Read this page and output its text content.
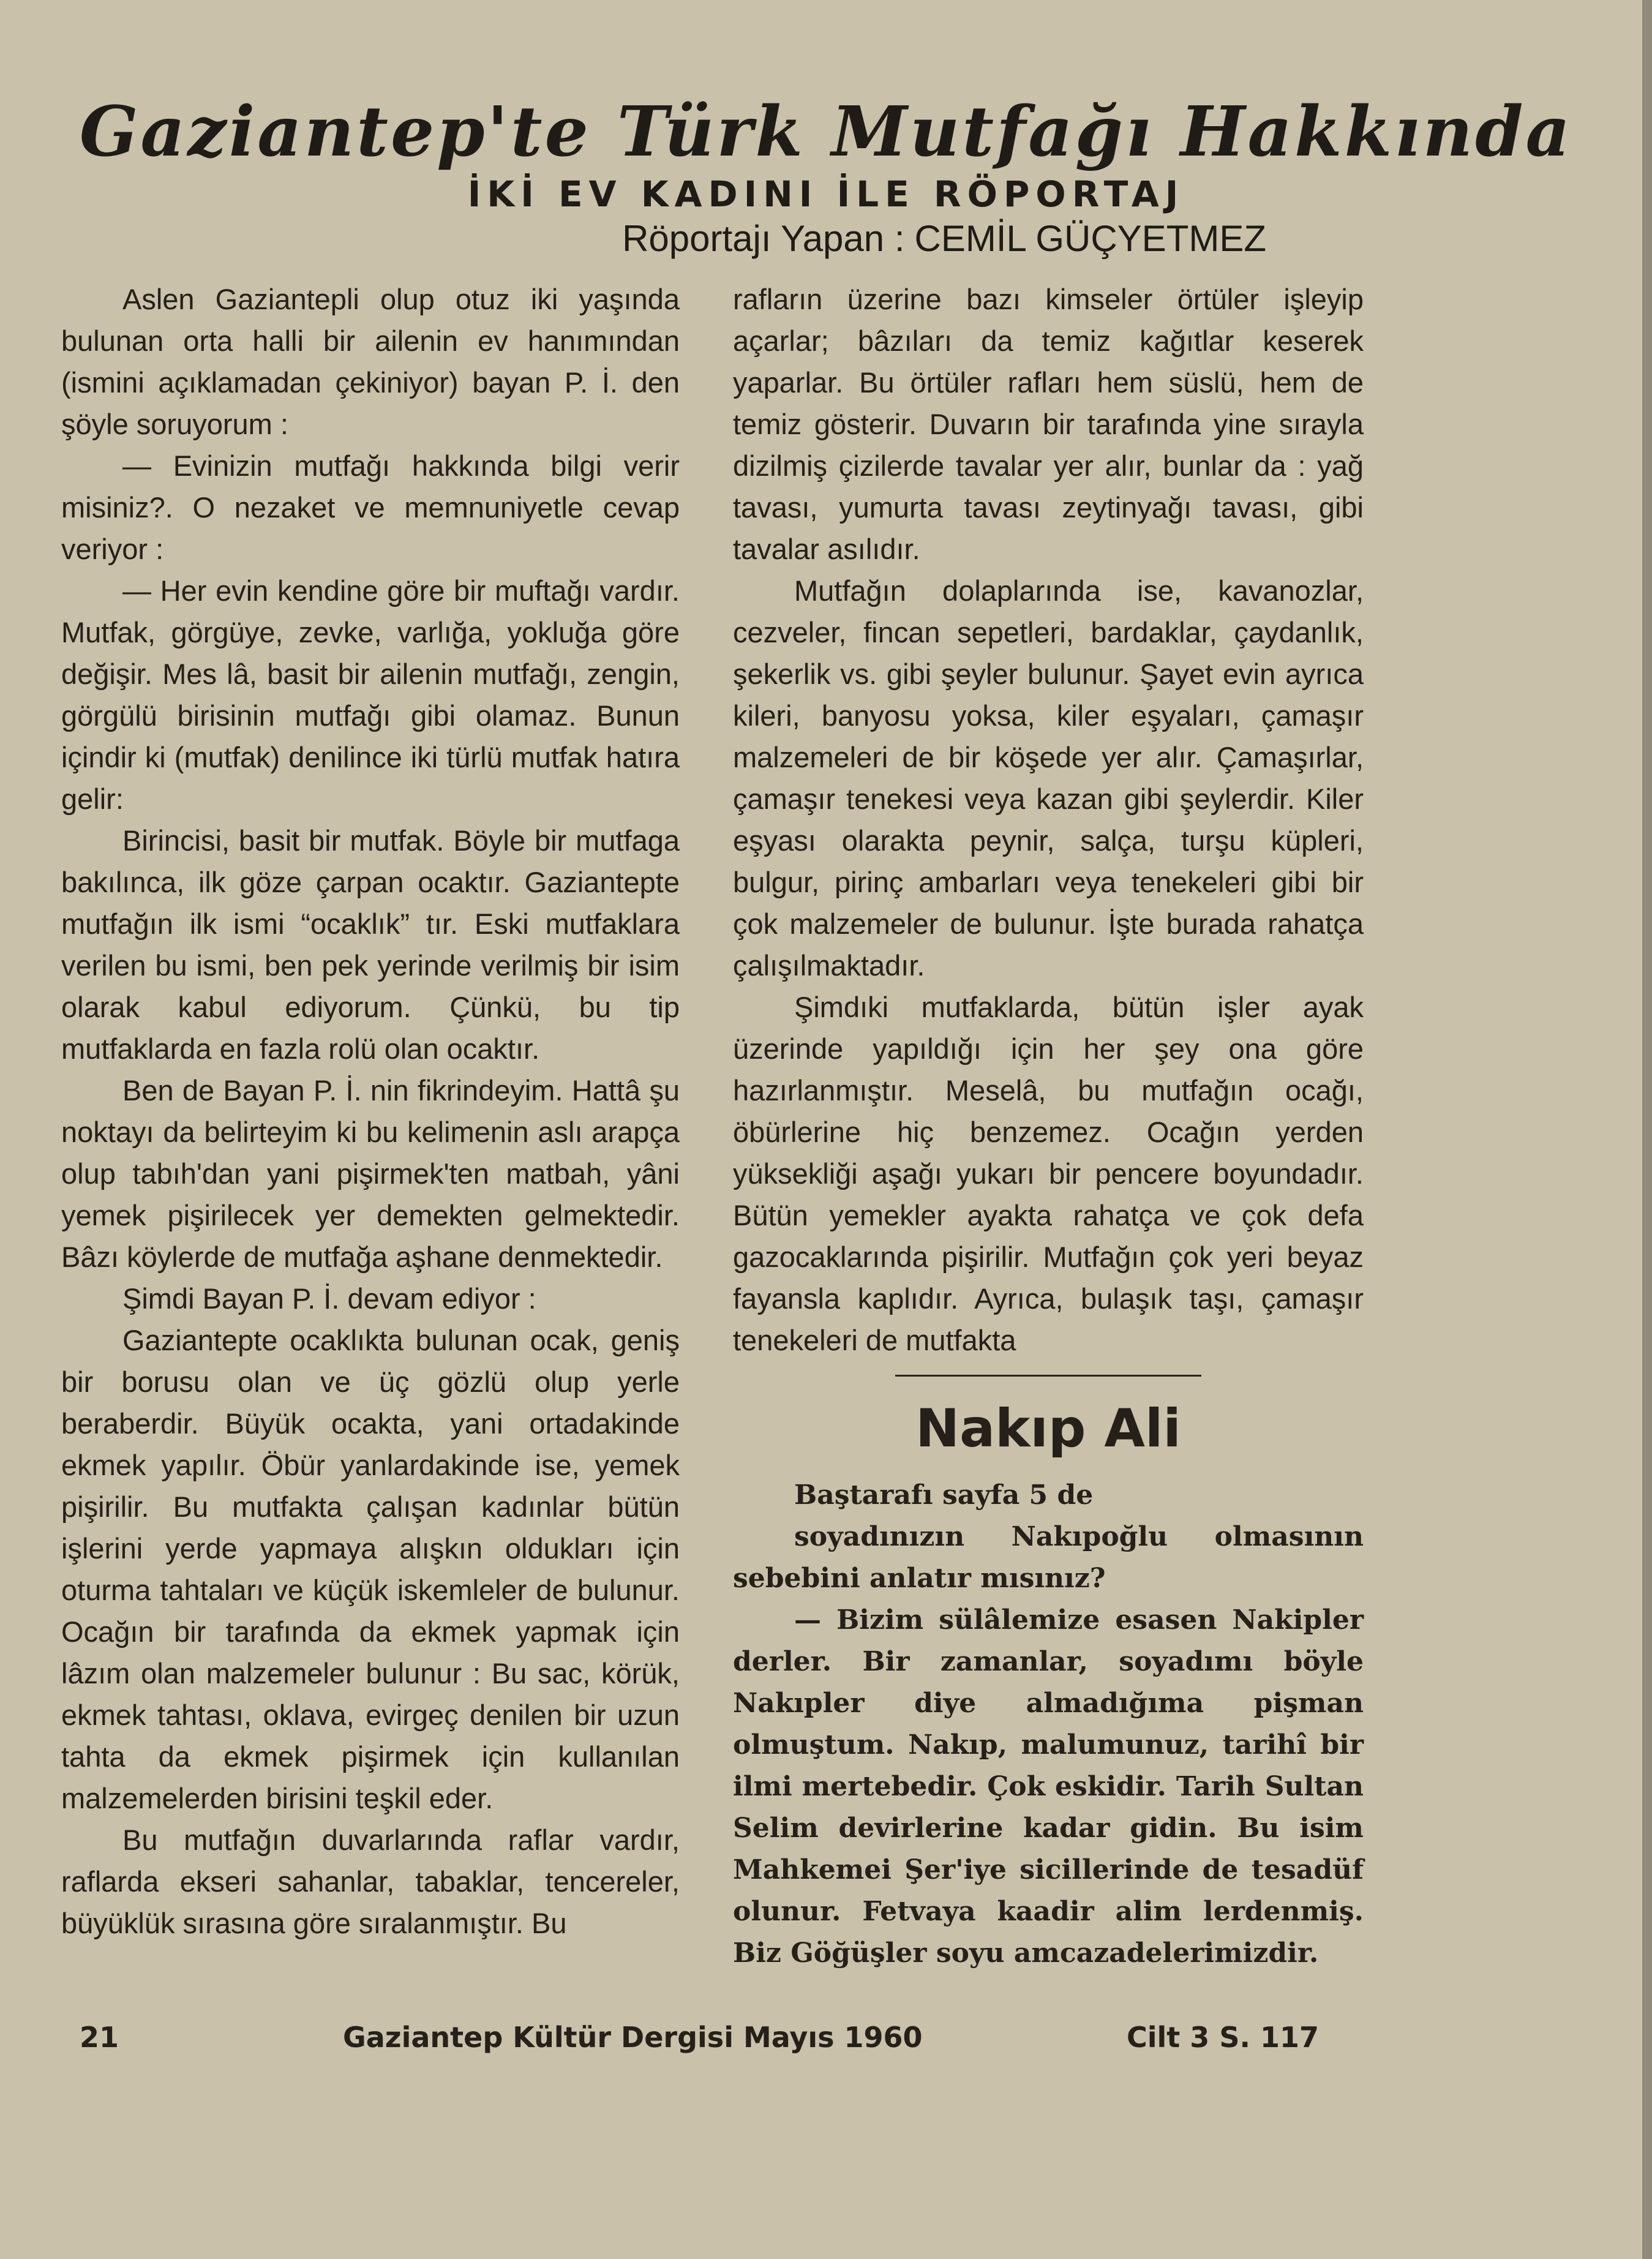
Gaziantep'te Türk Mutfağı Hakkında
İKİ EV KADINI İLE RÖPORTAJ
Röportajı Yapan : CEMİL GÜÇYETMEZ

Aslen Gaziantepli olup otuz iki yaşında bulunan orta halli bir ailenin ev hanımından (ismini açıklamadan çekiniyor) bayan P. İ. den şöyle soruyorum :

— Evinizin mutfağı hakkında bilgi verir misiniz?. O nezaket ve memnuniyetle cevap veriyor :

— Her evin kendine göre bir muftağı vardır. Mutfak, görgüye, zevke, varlığa, yokluğa göre değişir. Mes lâ, basit bir ailenin mutfağı, zengin, görgülü birisinin mutfağı gibi olamaz. Bunun içindir ki (mutfak) denilince iki türlü mutfak hatıra gelir:

Birincisi, basit bir mutfak. Böyle bir mutfaga bakılınca, ilk göze çarpan ocaktır. Gaziantepte mutfağın ilk ismi “ocaklık” tır. Eski mutfaklara verilen bu ismi, ben pek yerinde verilmiş bir isim olarak kabul ediyorum. Çünkü, bu tip mutfaklarda en fazla rolü olan ocaktır.

Ben de Bayan P. İ. nin fikrindeyim. Hattâ şu noktayı da belirteyim ki bu kelimenin aslı arapça olup tabıh'dan yani pişirmek'ten matbah, yâni yemek pişirilecek yer demekten gelmektedir. Bâzı köylerde de mutfağa aşhane denmektedir.

Şimdi Bayan P. İ. devam ediyor :

Gaziantepte ocaklıkta bulunan ocak, geniş bir borusu olan ve üç gözlü olup yerle beraberdir. Büyük ocakta, yani ortadakinde ekmek yapılır. Öbür yanlardakinde ise, yemek pişirilir. Bu mutfakta çalışan kadınlar bütün işlerini yerde yapmaya alışkın oldukları için oturma tahtaları ve küçük iskemleler de bulunur. Ocağın bir tarafında da ekmek yapmak için lâzım olan malzemeler bulunur : Bu sac, körük, ekmek tahtası, oklava, evirgeç denilen bir uzun tahta da ekmek pişirmek için kullanılan malzemelerden birisini teşkil eder.

Bu mutfağın duvarlarında raflar vardır, raflarda ekseri sahanlar, tabaklar, tencereler, büyüklük sırasına göre sıralanmıştır. Bu

rafların üzerine bazı kimseler örtüler işleyip açarlar; bâzıları da temiz kağıtlar keserek yaparlar. Bu örtüler rafları hem süslü, hem de temiz gösterir. Duvarın bir tarafında yine sırayla dizilmiş çizilerde tavalar yer alır, bunlar da : yağ tavası, yumurta tavası zeytinyağı tavası, gibi tavalar asılıdır.

Mutfağın dolaplarında ise, kavanozlar, cezveler, fincan sepetleri, bardaklar, çaydanlık, şekerlik vs. gibi şeyler bulunur. Şayet evin ayrıca kileri, banyosu yoksa, kiler eşyaları, çamaşır malzemeleri de bir köşede yer alır. Çamaşırlar, çamaşır tenekesi veya kazan gibi şeylerdir. Kiler eşyası olarakta peynir, salça, turşu küpleri, bulgur, pirinç ambarları veya tenekeleri gibi bir çok malzemeler de bulunur. İşte burada rahatça çalışılmaktadır.

Şimdıki mutfaklarda, bütün işler ayak üzerinde yapıldığı için her şey ona göre hazırlanmıştır. Meselâ, bu mutfağın ocağı, öbürlerine hiç benzemez. Ocağın yerden yüksekliği aşağı yukarı bir pencere boyundadır. Bütün yemekler ayakta rahatça ve çok defa gazocaklarında pişirilir. Mutfağın çok yeri beyaz fayansla kaplıdır. Ayrıca, bulaşık taşı, çamaşır tenekeleri de mutfakta

Nakıp Ali

Baştarafı sayfa 5 de

soyadınızın Nakıpoğlu olmasının sebebini anlatır mısınız?

— Bizim sülâlemize esasen Nakipler derler. Bir zamanlar, soyadımı böyle Nakıpler diye almadığıma pişman olmuştum. Nakıp, malumunuz, tarihî bir ilmi mertebedir. Çok eskidir. Tarih Sultan Selim devirlerine kadar gidin. Bu isim Mahkemei Şer'iye sicillerinde de tesadüf olunur. Fetvaya kaadir alim lerdenmiş. Biz Göğüşler soyu amcazadelerimizdir.

21	Gaziantep Kültür Dergisi Mayıs 1960	Cilt 3 S. 117
